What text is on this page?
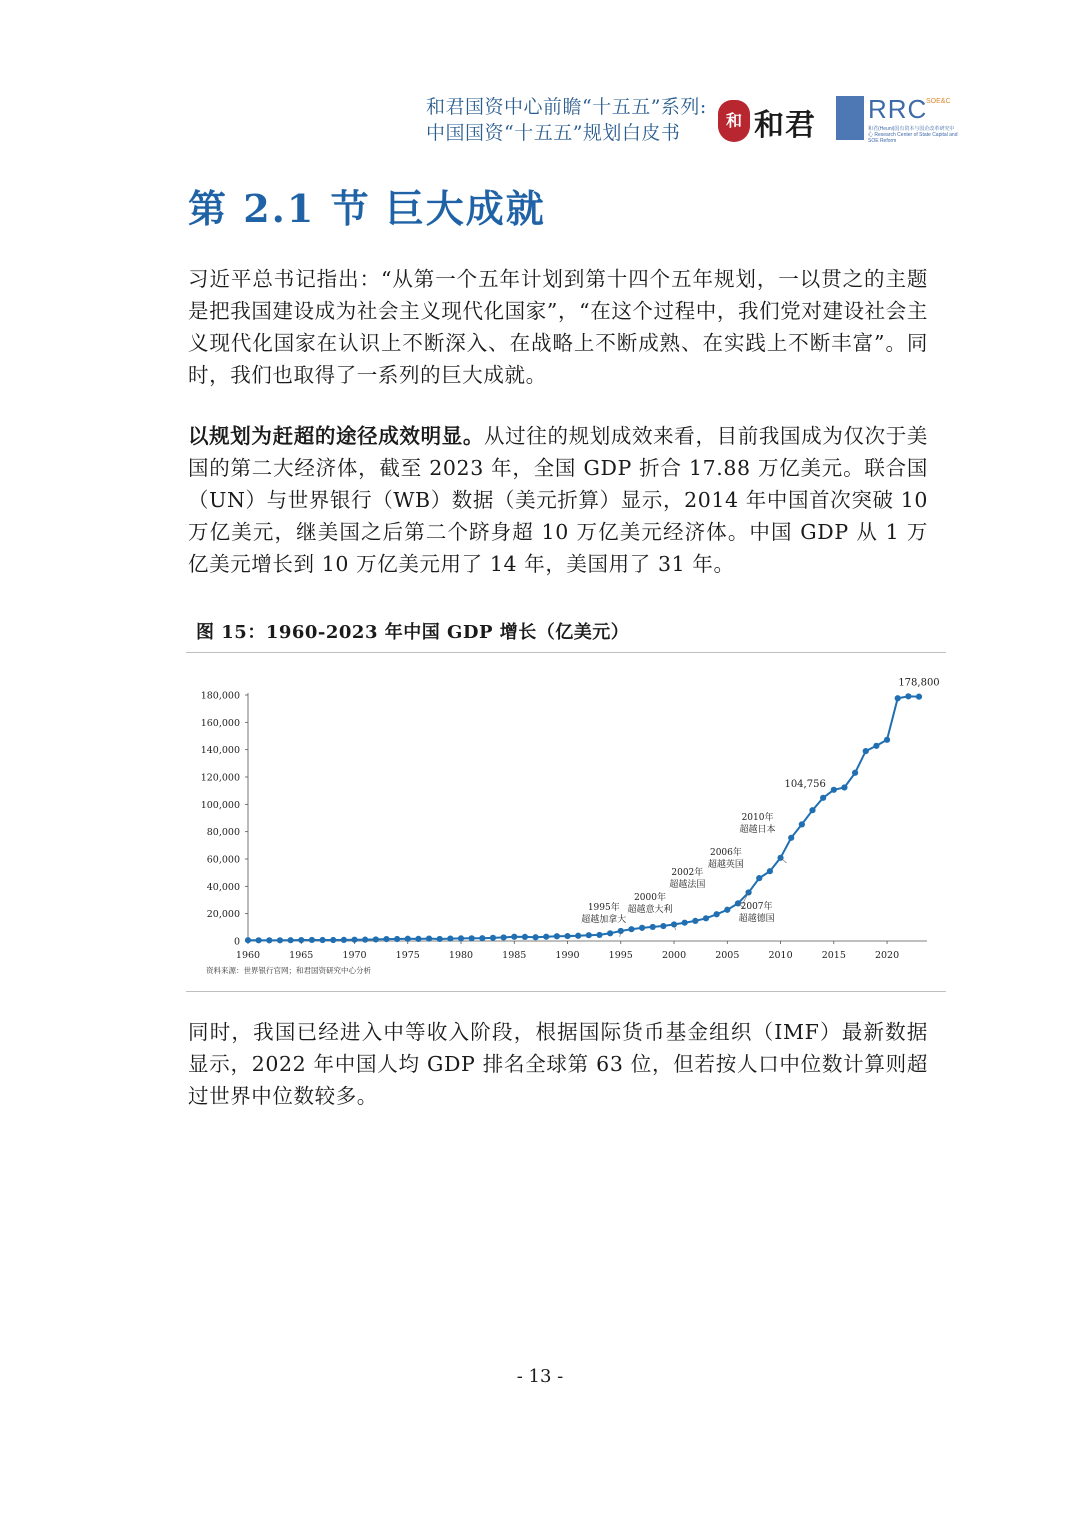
和君国资中心前瞻“十五五”系列:
中国国资“十五五”规划白皮书
和 和君 RRC
SOE&C
和君(Heuni)国有资本与国企改革研究中心 Research Center of State Capital and SOE Reform
第 2.1 节 巨大成就
习近平总书记指出：“从第一个五年计划到第十四个五年规划，一以贯之的主题是把我国建设成为社会主义现代化国家”，“在这个过程中，我们党对建设社会主义现代化国家在认识上不断深入、在战略上不断成熟、在实践上不断丰富”。同时，我们也取得了一系列的巨大成就。
以规划为赶超的途径成效明显。从过往的规划成效来看，目前我国成为仅次于美国的第二大经济体，截至 2023 年，全国 GDP 折合 17.88 万亿美元。联合国（UN）与世界银行（WB）数据（美元折算）显示，2014 年中国首次突破 10 万亿美元，继美国之后第二个跻身超 10 万亿美元经济体。中国 GDP 从 1 万亿美元增长到 10 万亿美元用了 14 年，美国用了 31 年。
图 15：1960-2023 年中国 GDP 增长（亿美元）
0
20,000
40,000
60,000
80,000
100,000
120,000
140,000
160,000
180,000
1960	1965	1970	1975	1980	1985	1990	1995	2000	2005	2010	2015	2020
1995年
超越加拿大
2000年
超越意大利
2002年
超越法国
2006年
超越英国
2007年
超越德国
2010年
超越日本
104,756
178,800
资料来源：世界银行官网；和君国资研究中心分析
同时，我国已经进入中等收入阶段，根据国际货币基金组织（IMF）最新数据显示，2022 年中国人均 GDP 排名全球第 63 位，但若按人口中位数计算则超过世界中位数较多。
- 13 -
